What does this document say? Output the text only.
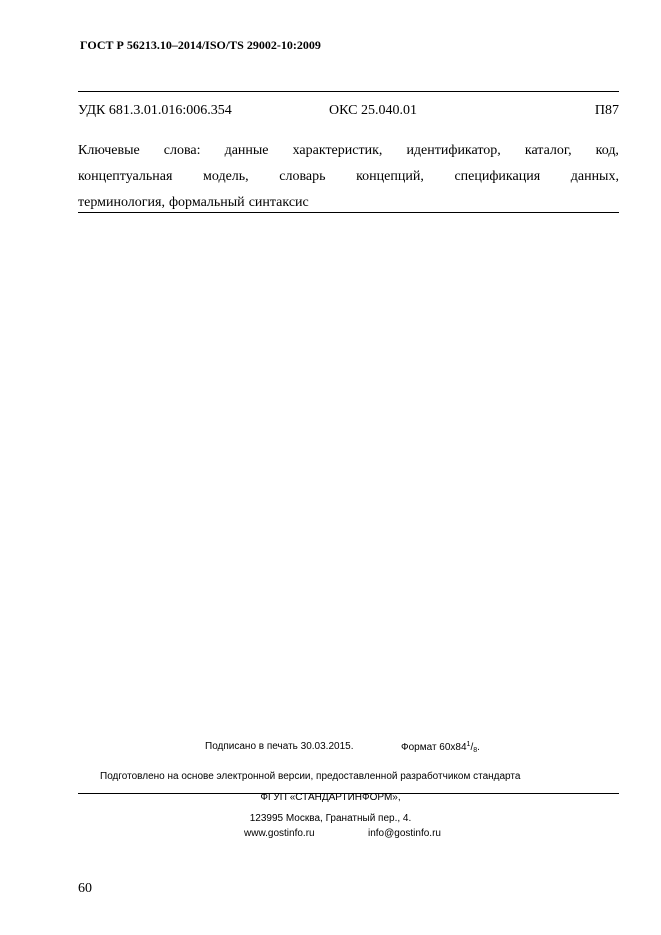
ГОСТ Р 56213.10–2014/ISO/TS 29002-10:2009
УДК 681.3.01.016:006.354	ОКС 25.040.01	П87
Ключевые слова: данные характеристик, идентификатор, каталог, код,
концептуальная модель, словарь концепций, спецификация данных,
терминология, формальный синтаксис
Подписано в печать 30.03.2015.	Формат $60x84^1/_8$.
Подготовлено на основе электронной версии, предоставленной разработчиком стандарта
ФГУП «СТАНДАРТИНФОРМ»,
123995 Москва, Гранатный пер., 4.
www.gostinfo.ru	info@gostinfo.ru
60
